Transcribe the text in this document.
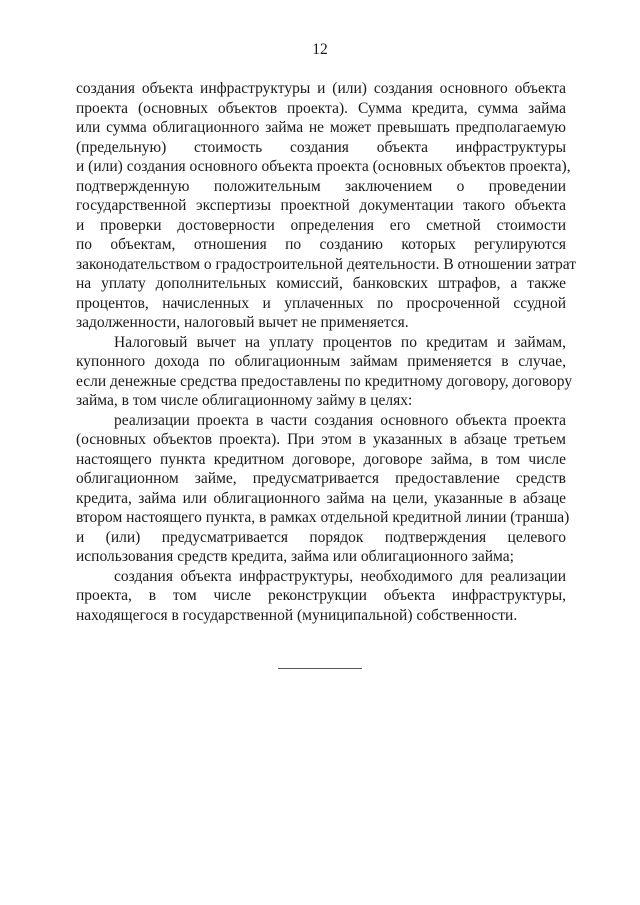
12
создания объекта инфраструктуры и (или) создания основного объекта
проекта (основных объектов проекта). Сумма кредита, сумма займа
или сумма облигационного займа не может превышать предполагаемую
(предельную) стоимость создания объекта инфраструктуры
и (или) создания основного объекта проекта (основных объектов проекта),
подтвержденную положительным заключением о проведении
государственной экспертизы проектной документации такого объекта
и проверки достоверности определения его сметной стоимости
по объектам, отношения по созданию которых регулируются
законодательством о градостроительной деятельности. В отношении затрат
на уплату дополнительных комиссий, банковских штрафов, а также
процентов, начисленных и уплаченных по просроченной ссудной
задолженности, налоговый вычет не применяется.
Налоговый вычет на уплату процентов по кредитам и займам,
купонного дохода по облигационным займам применяется в случае,
если денежные средства предоставлены по кредитному договору, договору
займа, в том числе облигационному займу в целях:
реализации проекта в части создания основного объекта проекта
(основных объектов проекта). При этом в указанных в абзаце третьем
настоящего пункта кредитном договоре, договоре займа, в том числе
облигационном займе, предусматривается предоставление средств
кредита, займа или облигационного займа на цели, указанные в абзаце
втором настоящего пункта, в рамках отдельной кредитной линии (транша)
и (или) предусматривается порядок подтверждения целевого
использования средств кредита, займа или облигационного займа;
создания объекта инфраструктуры, необходимого для реализации
проекта, в том числе реконструкции объекта инфраструктуры,
находящегося в государственной (муниципальной) собственности.
